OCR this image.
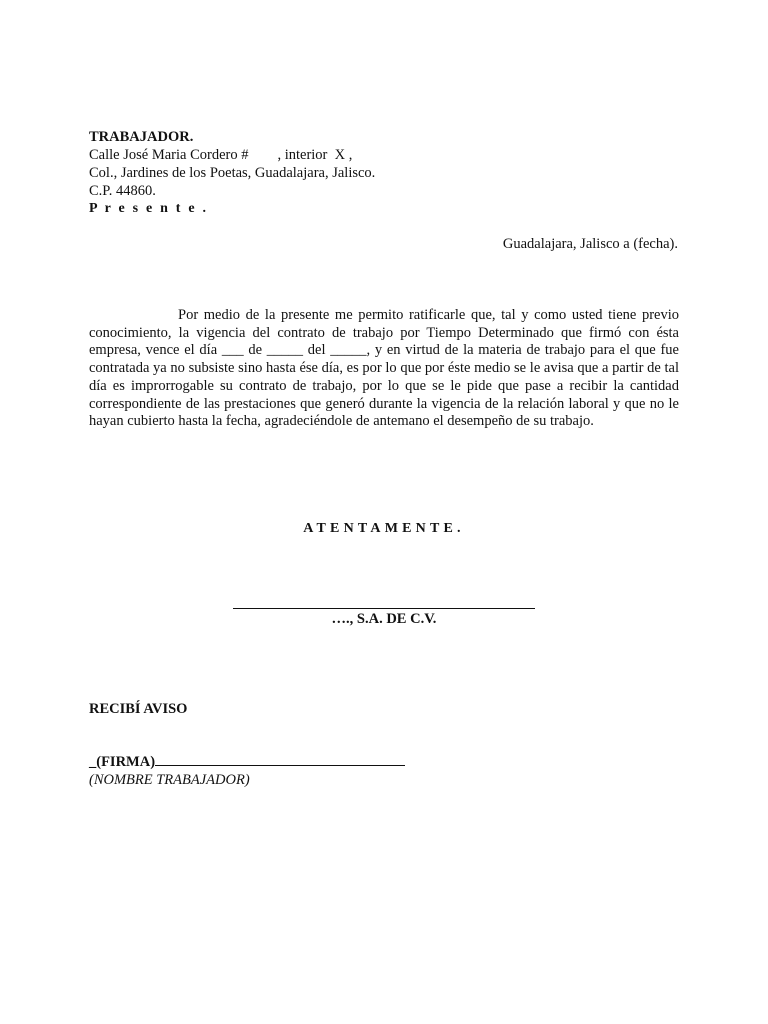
TRABAJADOR.
Calle José Maria Cordero #        , interior  X ,
Col., Jardines de los Poetas, Guadalajara, Jalisco.
C.P. 44860.
P r e s e n t e .
Guadalajara, Jalisco a (fecha).
Por medio de la presente me permito ratificarle que, tal y como usted tiene previo conocimiento, la vigencia del contrato de trabajo por Tiempo Determinado que firmó con ésta empresa, vence el día ___ de _____ del _____, y en virtud de la materia de trabajo para el que fue contratada ya no subsiste sino hasta ése día, es por lo que por éste medio se le avisa que a partir de tal día es improrrogable su contrato de trabajo, por lo que se le pide que pase a recibir la cantidad correspondiente de las prestaciones que generó durante la vigencia de la relación laboral y que no le hayan cubierto hasta la fecha, agradeciéndole de antemano el desempeño de su trabajo.
ATENTAMENTE.
…., S.A. DE C.V.
RECIBÍ AVISO
_(FIRMA)
(NOMBRE TRABAJADOR)
